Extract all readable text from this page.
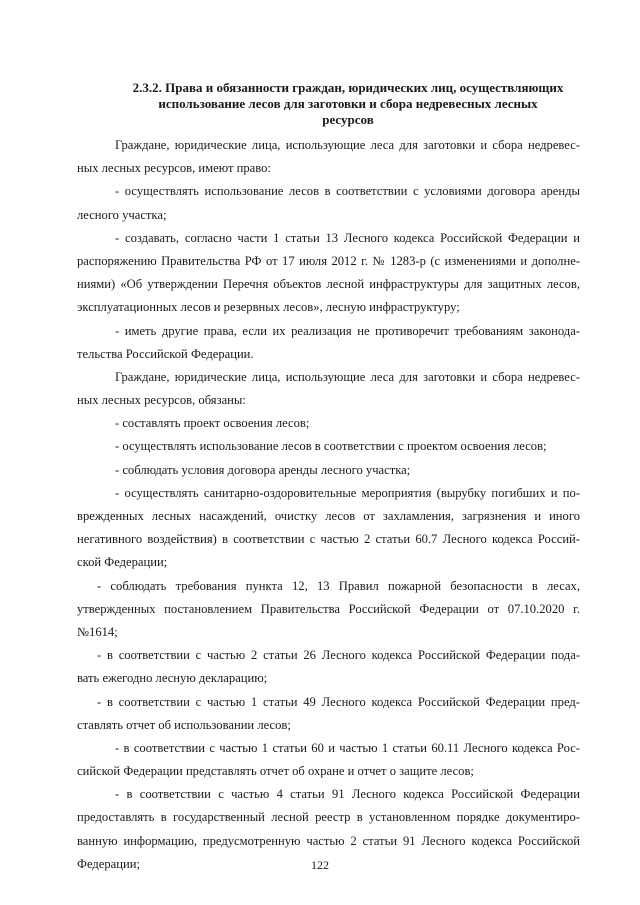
2.3.2. Права и обязанности граждан, юридических лиц, осуществляющих
использование лесов для заготовки и сбора недревесных лесных
ресурсов
Граждане, юридические лица, использующие леса для заготовки и сбора недревес-
ных лесных ресурсов, имеют право:
- осуществлять использование лесов в соответствии с условиями договора аренды
лесного участка;
- создавать, согласно части 1 статьи 13 Лесного кодекса Российской Федерации и
распоряжению Правительства РФ от 17 июля 2012 г. № 1283-р (с изменениями и дополне-
ниями) «Об утверждении Перечня объектов лесной инфраструктуры для защитных лесов,
эксплуатационных лесов и резервных лесов», лесную инфраструктуру;
- иметь другие права, если их реализация не противоречит требованиям законода-
тельства Российской Федерации.
Граждане, юридические лица, использующие леса для заготовки и сбора недревес-
ных лесных ресурсов, обязаны:
- составлять проект освоения лесов;
- осуществлять использование лесов в соответствии с проектом освоения лесов;
- соблюдать условия договора аренды лесного участка;
- осуществлять санитарно-оздоровительные мероприятия (вырубку погибших и по-
врежденных лесных насаждений, очистку лесов от захламления, загрязнения и иного
негативного воздействия) в соответствии с частью 2 статьи 60.7 Лесного кодекса Россий-
ской Федерации;
- соблюдать требования пункта 12, 13 Правил пожарной безопасности в лесах,
утвержденных постановлением Правительства Российской Федерации от 07.10.2020 г.
№1614;
- в соответствии с частью 2 статьи 26 Лесного кодекса Российской Федерации пода-
вать ежегодно лесную декларацию;
- в соответствии с частью 1 статьи 49 Лесного кодекса Российской Федерации пред-
ставлять отчет об использовании лесов;
- в соответствии с частью 1 статьи 60 и частью 1 статьи 60.11 Лесного кодекса Рос-
сийской Федерации представлять отчет об охране и отчет о защите лесов;
- в соответствии с частью 4 статьи 91 Лесного кодекса Российской Федерации
предоставлять в государственный лесной реестр в установленном порядке документиро-
ванную информацию, предусмотренную частью 2 статьи 91 Лесного кодекса Российской
Федерации;	122
